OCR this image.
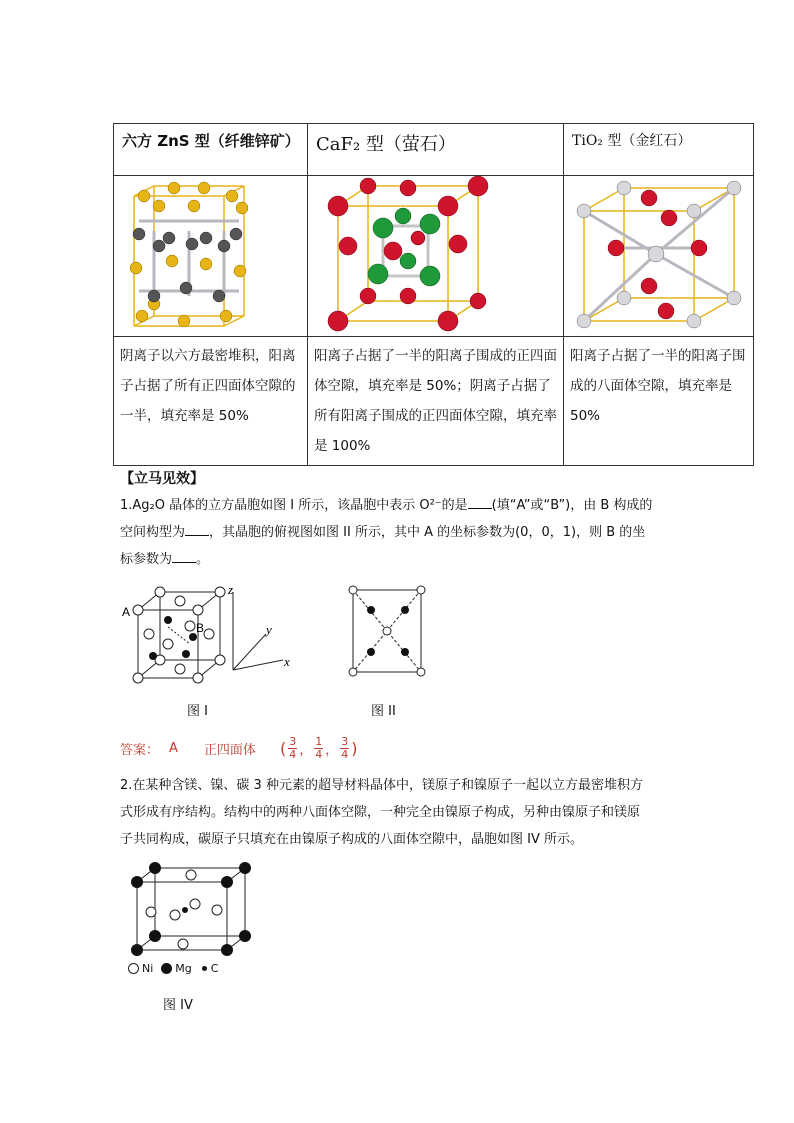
六方 ZnS 型（纤维锌矿）	CaF₂ 型（萤石）	TiO₂ 型（金红石）

阴离子以六方最密堆积，阳离子占据了所有正四面体空隙的一半，填充率是 50%	阳离子占据了一半的阳离子围成的正四面体空隙，填充率是 50%；阴离子占据了所有阳离子围成的正四面体空隙，填充率是 100%	阳离子占据了一半的阳离子围成的八面体空隙，填充率是 50%
【立马见效】
1.Ag₂O 晶体的立方晶胞如图 I 所示，该晶胞中表示 O²⁻的是 (填“A”或“B”)，由 B 构成的
空间构型为 ，其晶胞的俯视图如图 II 所示，其中 A 的坐标参数为(0，0，1)，则 B 的坐
标参数为 。
A
B
z
y
x
图 I	图 II
答案： A 正四面体 ( $\frac{3}{4}$ ， $\frac{1}{4}$ ， $\frac{3}{4}$ )
2.在某种含镁、镍、碳 3 种元素的超导材料晶体中，镁原子和镍原子一起以立方最密堆积方
式形成有序结构。结构中的两种八面体空隙，一种完全由镍原子构成，另种由镍原子和镁原
子共同构成，碳原子只填充在由镍原子构成的八面体空隙中，晶胞如图 IV 所示。
Ni Mg C
图 IV
